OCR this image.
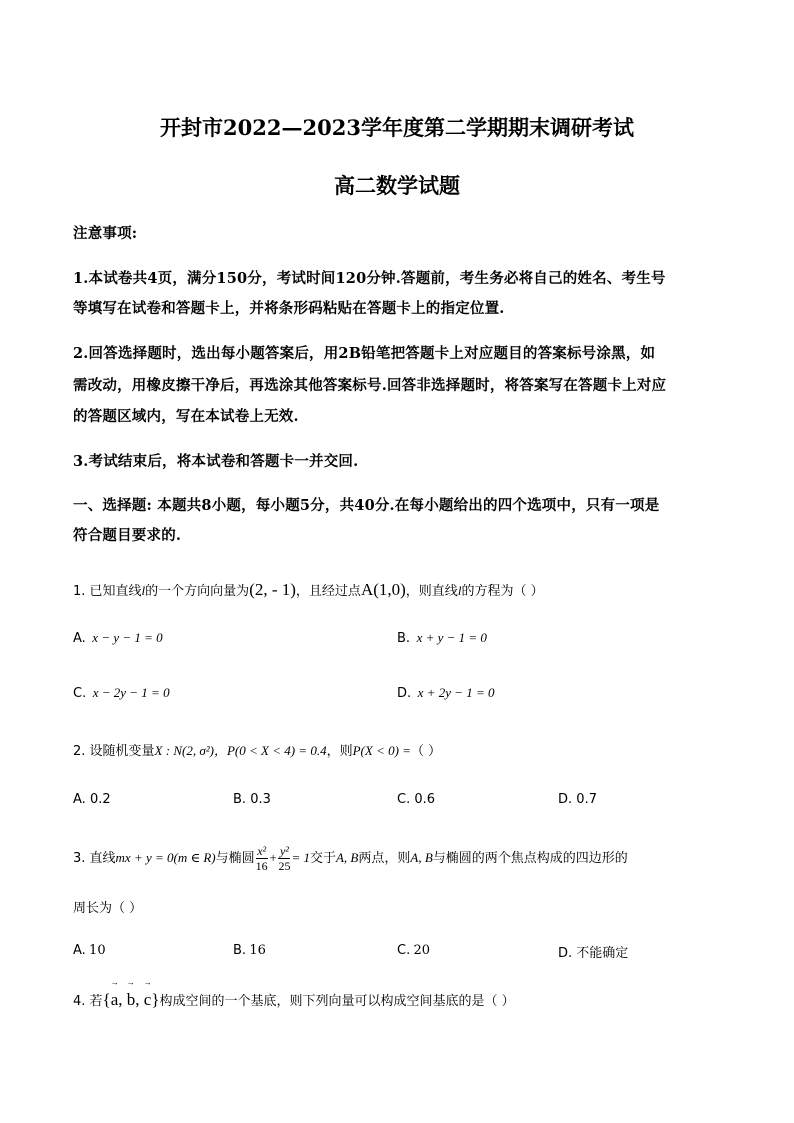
开封市2022—2023学年度第二学期期末调研考试
高二数学试题
注意事项:
1.本试卷共4页，满分150分，考试时间120分钟.答题前，考生务必将自己的姓名、考生号
等填写在试卷和答题卡上，并将条形码粘贴在答题卡上的指定位置.
2.回答选择题时，选出每小题答案后，用2B铅笔把答题卡上对应题目的答案标号涂黑，如
需改动，用橡皮擦干净后，再选涂其他答案标号.回答非选择题时，将答案写在答题卡上对应
的答题区域内，写在本试卷上无效.
3.考试结束后，将本试卷和答题卡一并交回.
一、选择题: 本题共8小题，每小题5分，共40分.在每小题给出的四个选项中，只有一项是
符合题目要求的.
1. 已知直线l的一个方向向量为(2, - 1)，且经过点A(1,0)，则直线l的方程为（ ）
A. x − y − 1 = 0	B. x + y − 1 = 0
C. x − 2y − 1 = 0	D. x + 2y − 1 = 0
2. 设随机变量X : N(2, σ²)，P(0 < X < 4) = 0.4，则P(X < 0) =（ ）
A. 0.2	B. 0.3	C. 0.6	D. 0.7
3. 直线mx + y = 0(m ∈ R)与椭圆 $\frac{\text{x²}}{16} + \frac{\text{y²}}{25} = 1$交于A, B两点，则A, B与椭圆的两个焦点构成的四边形的
周长为（ ）
A. 10	B. 16	C. 20	D. 不能确定
4. 若{→ a, → b, → c}构成空间的一个基底，则下列向量可以构成空间基底的是（ ）
